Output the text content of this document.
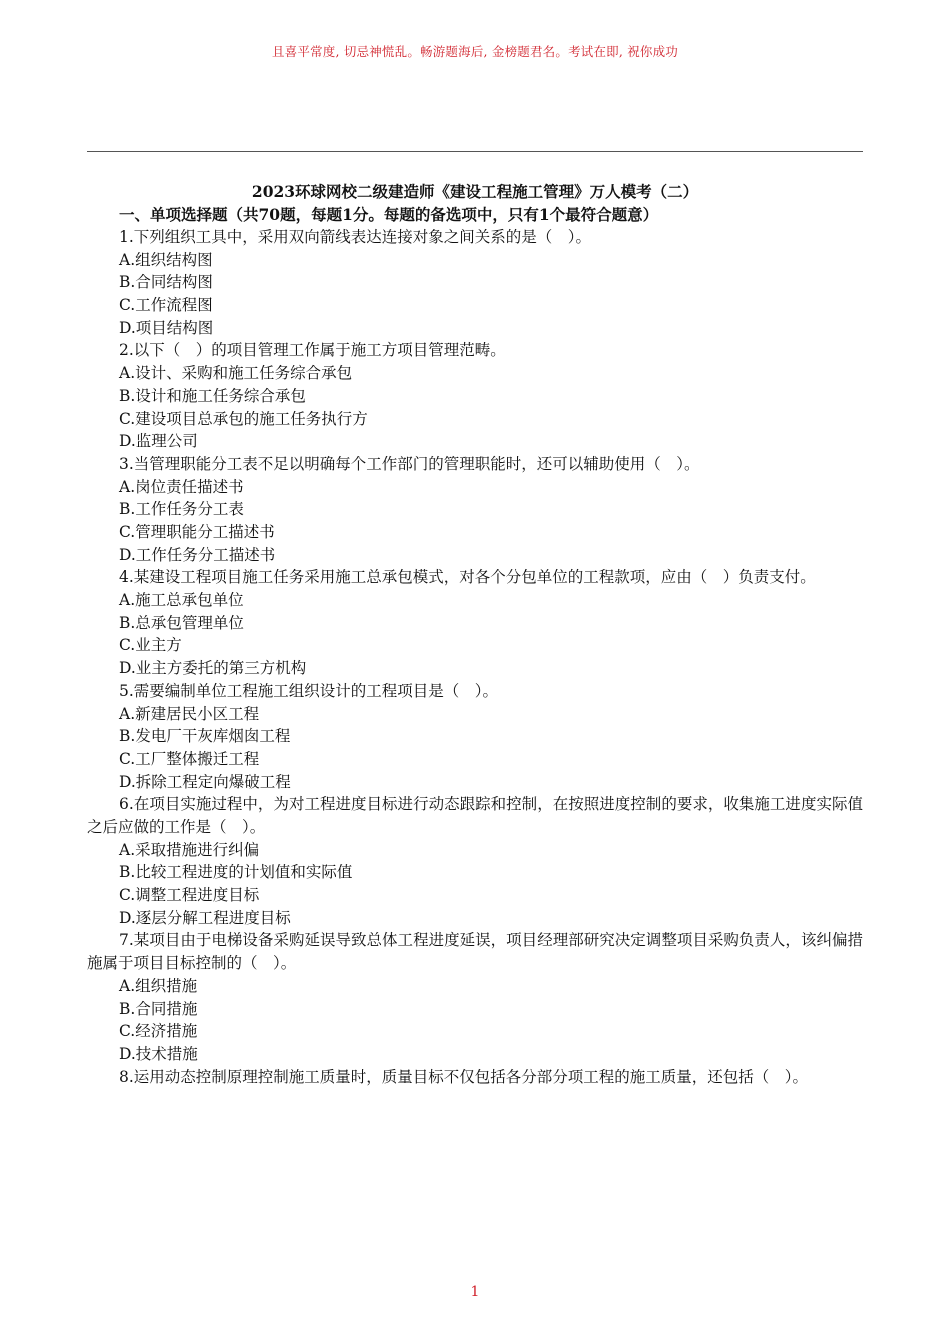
且喜平常度, 切忌神慌乱。畅游题海后, 金榜题君名。考试在即, 祝你成功
2023环球网校二级建造师《建设工程施工管理》万人模考（二）
一、单项选择题（共70题，每题1分。每题的备选项中，只有1个最符合题意）
1.下列组织工具中，采用双向箭线表达连接对象之间关系的是（　）。
A.组织结构图
B.合同结构图
C.工作流程图
D.项目结构图
2.以下（　）的项目管理工作属于施工方项目管理范畴。
A.设计、采购和施工任务综合承包
B.设计和施工任务综合承包
C.建设项目总承包的施工任务执行方
D.监理公司
3.当管理职能分工表不足以明确每个工作部门的管理职能时，还可以辅助使用（　）。
A.岗位责任描述书
B.工作任务分工表
C.管理职能分工描述书
D.工作任务分工描述书
4.某建设工程项目施工任务采用施工总承包模式，对各个分包单位的工程款项，应由（　）负责支付。
A.施工总承包单位
B.总承包管理单位
C.业主方
D.业主方委托的第三方机构
5.需要编制单位工程施工组织设计的工程项目是（　）。
A.新建居民小区工程
B.发电厂干灰库烟囱工程
C.工厂整体搬迁工程
D.拆除工程定向爆破工程
6.在项目实施过程中，为对工程进度目标进行动态跟踪和控制，在按照进度控制的要求，收集施工进度实际值之后应做的工作是（　）。
A.采取措施进行纠偏
B.比较工程进度的计划值和实际值
C.调整工程进度目标
D.逐层分解工程进度目标
7.某项目由于电梯设备采购延误导致总体工程进度延误，项目经理部研究决定调整项目采购负责人，该纠偏措施属于项目目标控制的（　）。
A.组织措施
B.合同措施
C.经济措施
D.技术措施
8.运用动态控制原理控制施工质量时，质量目标不仅包括各分部分项工程的施工质量，还包括（　）。
1
